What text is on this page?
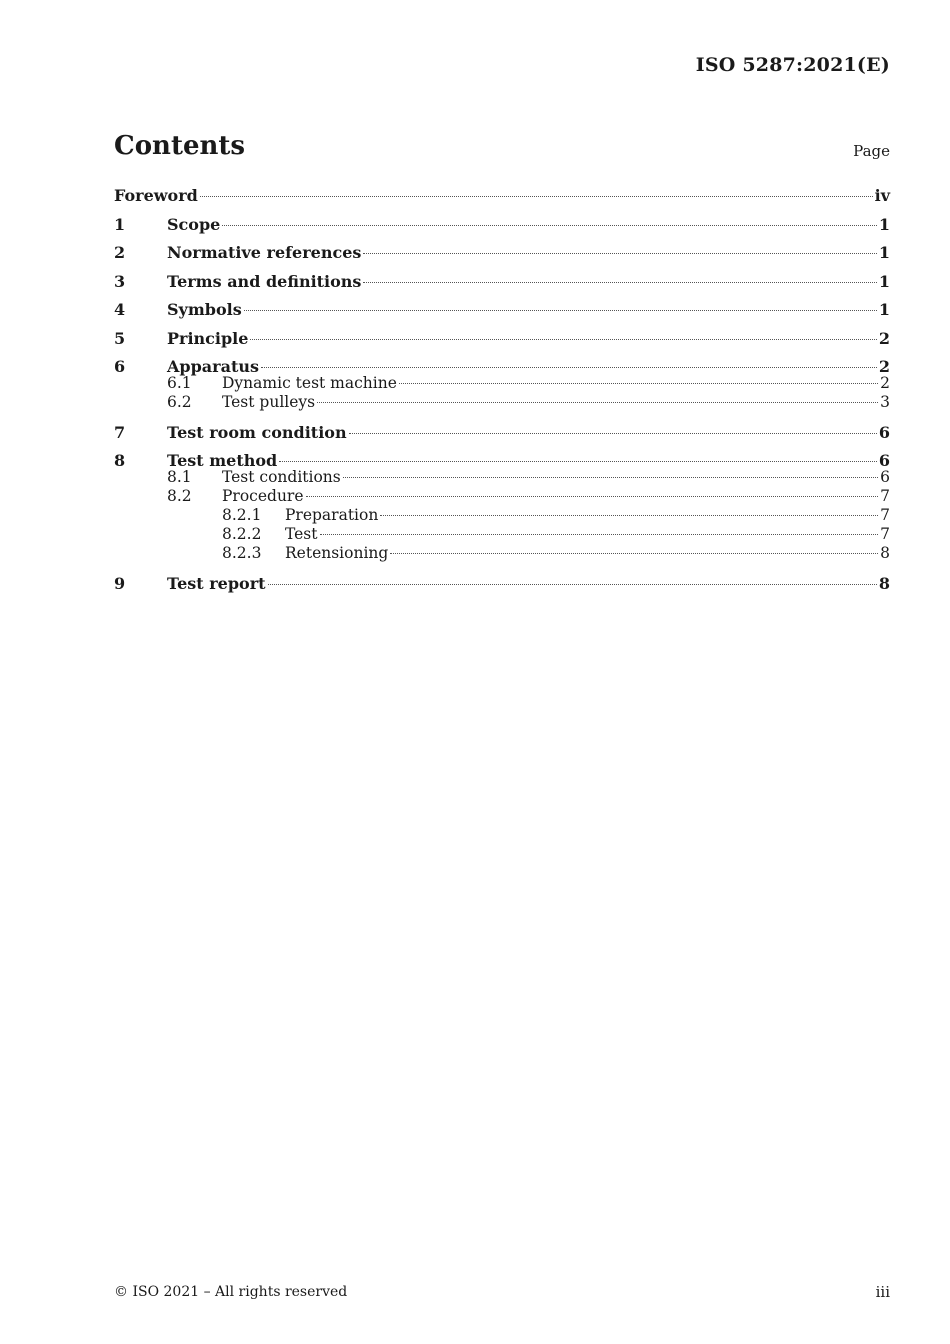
ISO 5287:2021(E)
Contents	Page
Foreword	iv
1	Scope	1
2	Normative references	1
3	Terms and definitions	1
4	Symbols	1
5	Principle	2
6	Apparatus	2
6.1	Dynamic test machine	2
6.2	Test pulleys	3
7	Test room condition	6
8	Test method	6
8.1	Test conditions	6
8.2	Procedure	7
8.2.1	Preparation	7
8.2.2	Test	7
8.2.3	Retensioning	8
9	Test report	8
© ISO 2021 – All rights reserved	iii
